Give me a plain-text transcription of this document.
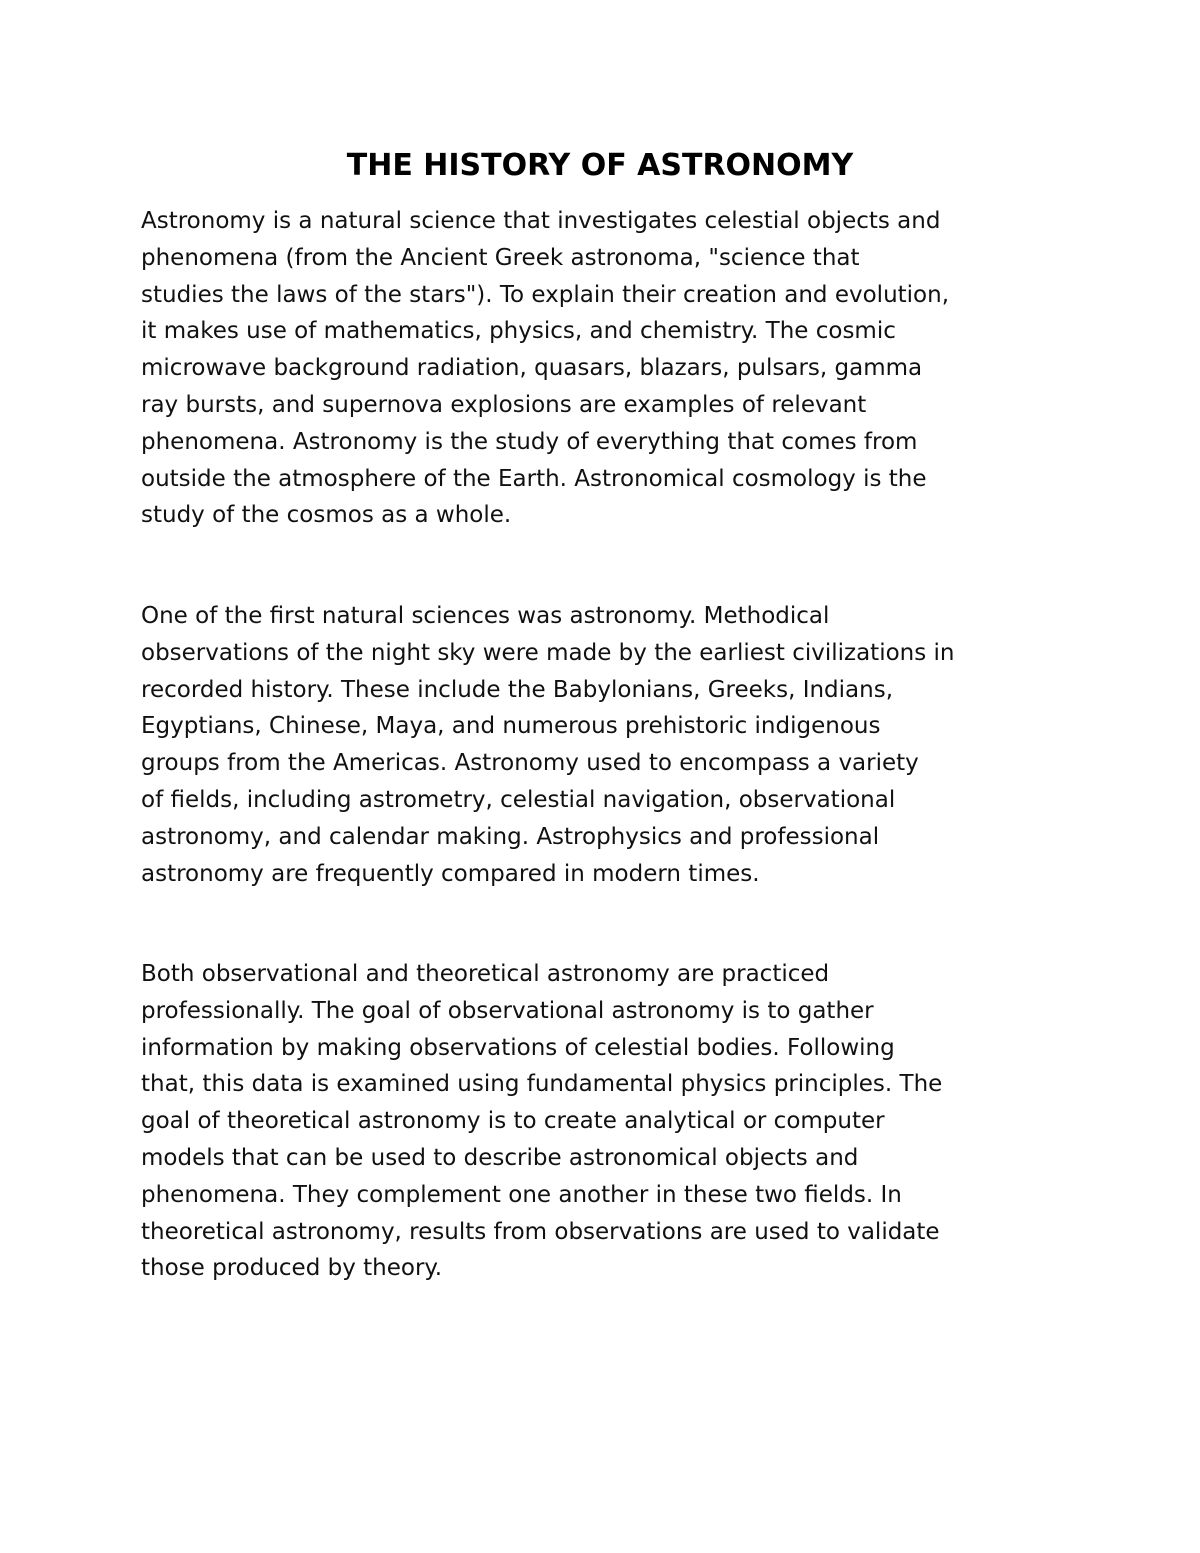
THE HISTORY OF ASTRONOMY

Astronomy is a natural science that investigates celestial objects and
phenomena (from the Ancient Greek astronoma, "science that
studies the laws of the stars"). To explain their creation and evolution,
it makes use of mathematics, physics, and chemistry. The cosmic
microwave background radiation, quasars, blazars, pulsars, gamma
ray bursts, and supernova explosions are examples of relevant
phenomena. Astronomy is the study of everything that comes from
outside the atmosphere of the Earth. Astronomical cosmology is the
study of the cosmos as a whole.

One of the first natural sciences was astronomy. Methodical
observations of the night sky were made by the earliest civilizations in
recorded history. These include the Babylonians, Greeks, Indians,
Egyptians, Chinese, Maya, and numerous prehistoric indigenous
groups from the Americas. Astronomy used to encompass a variety
of fields, including astrometry, celestial navigation, observational
astronomy, and calendar making. Astrophysics and professional
astronomy are frequently compared in modern times.

Both observational and theoretical astronomy are practiced
professionally. The goal of observational astronomy is to gather
information by making observations of celestial bodies. Following
that, this data is examined using fundamental physics principles. The
goal of theoretical astronomy is to create analytical or computer
models that can be used to describe astronomical objects and
phenomena. They complement one another in these two fields. In
theoretical astronomy, results from observations are used to validate
those produced by theory.
